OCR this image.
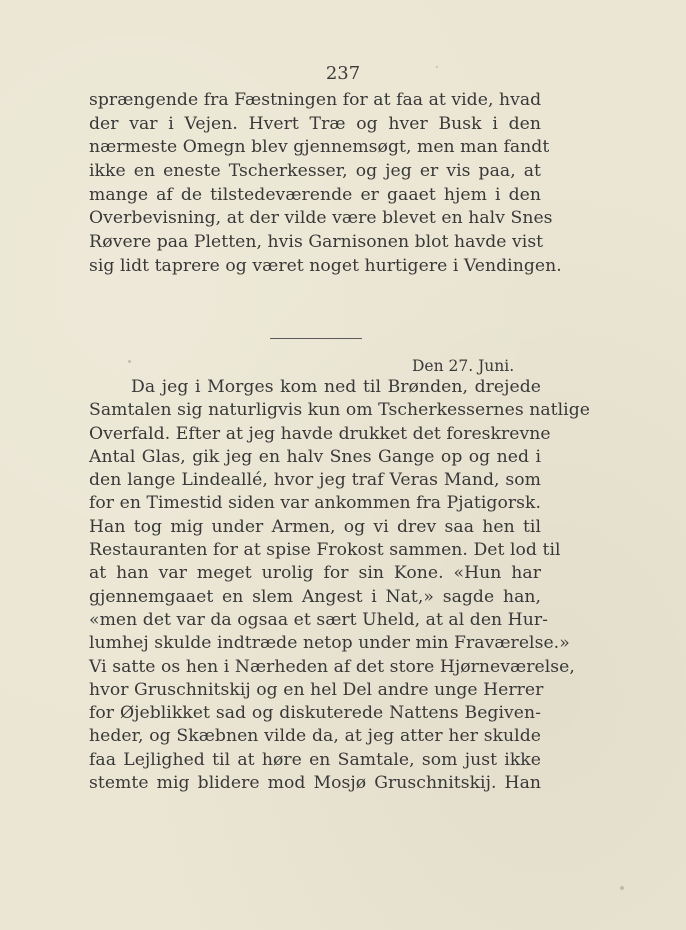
237
sprængende fra Fæstningen for at faa at vide, hvad
der var i Vejen. Hvert Træ og hver Busk i den
nærmeste Omegn blev gjennemsøgt, men man fandt
ikke en eneste Tscherkesser, og jeg er vis paa, at
mange af de tilstedeværende er gaaet hjem i den
Overbevisning, at der vilde være blevet en halv Snes
Røvere paa Pletten, hvis Garnisonen blot havde vist
sig lidt taprere og været noget hurtigere i Vendingen.
Den 27. Juni.
Da jeg i Morges kom ned til Brønden, drejede
Samtalen sig naturligvis kun om Tscherkessernes natlige
Overfald. Efter at jeg havde drukket det foreskrevne
Antal Glas, gik jeg en halv Snes Gange op og ned i
den lange Lindeallé, hvor jeg traf Veras Mand, som
for en Timestid siden var ankommen fra Pjatigorsk.
Han tog mig under Armen, og vi drev saa hen til
Restauranten for at spise Frokost sammen. Det lod til
at han var meget urolig for sin Kone. «Hun har
gjennemgaaet en slem Angest i Nat,» sagde han,
«men det var da ogsaa et sært Uheld, at al den Hur-
lumhej skulde indtræde netop under min Fraværelse.»
Vi satte os hen i Nærheden af det store Hjørneværelse,
hvor Gruschnitskij og en hel Del andre unge Herrer
for Øjeblikket sad og diskuterede Nattens Begiven-
heder, og Skæbnen vilde da, at jeg atter her skulde
faa Lejlighed til at høre en Samtale, som just ikke
stemte mig blidere mod Mosjø Gruschnitskij. Han
